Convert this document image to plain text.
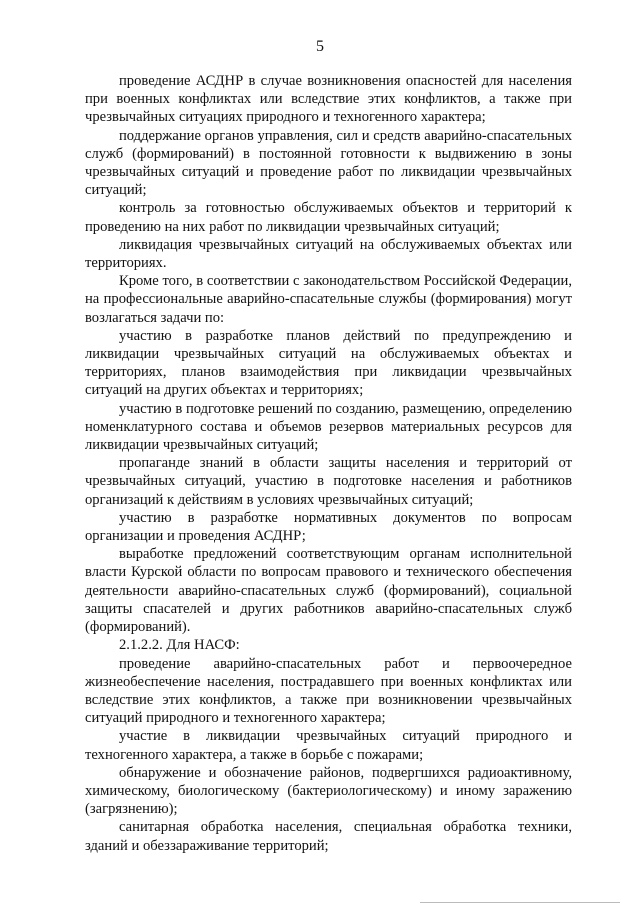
5

проведение АСДНР в случае возникновения опасностей для населения при военных конфликтах или вследствие этих конфликтов, а также при чрезвычайных ситуациях природного и техногенного характера;

поддержание органов управления, сил и средств аварийно-спасательных служб (формирований) в постоянной готовности к выдвижению в зоны чрезвычайных ситуаций и проведение работ по ликвидации чрезвычайных ситуаций;

контроль за готовностью обслуживаемых объектов и территорий к проведению на них работ по ликвидации чрезвычайных ситуаций;

ликвидация чрезвычайных ситуаций на обслуживаемых объектах или территориях.

Кроме того, в соответствии с законодательством Российской Федерации, на профессиональные аварийно-спасательные службы (формирования) могут возлагаться задачи по:

участию в разработке планов действий по предупреждению и ликвидации чрезвычайных ситуаций на обслуживаемых объектах и территориях, планов взаимодействия при ликвидации чрезвычайных ситуаций на других объектах и территориях;

участию в подготовке решений по созданию, размещению, определению номенклатурного состава и объемов резервов материальных ресурсов для ликвидации чрезвычайных ситуаций;

пропаганде знаний в области защиты населения и территорий от чрезвычайных ситуаций, участию в подготовке населения и работников организаций к действиям в условиях чрезвычайных ситуаций;

участию в разработке нормативных документов по вопросам организации и проведения АСДНР;

выработке предложений соответствующим органам исполнительной власти Курской области по вопросам правового и технического обеспечения деятельности аварийно-спасательных служб (формирований), социальной защиты спасателей и других работников аварийно-спасательных служб (формирований).

2.1.2.2. Для НАСФ:

проведение аварийно-спасательных работ и первоочередное жизнеобеспечение населения, пострадавшего при военных конфликтах или вследствие этих конфликтов, а также при возникновении чрезвычайных ситуаций природного и техногенного характера;

участие в ликвидации чрезвычайных ситуаций природного и техногенного характера, а также в борьбе с пожарами;

обнаружение и обозначение районов, подвергшихся радиоактивному, химическому, биологическому (бактериологическому) и иному заражению (загрязнению);

санитарная обработка населения, специальная обработка техники, зданий и обеззараживание территорий;
